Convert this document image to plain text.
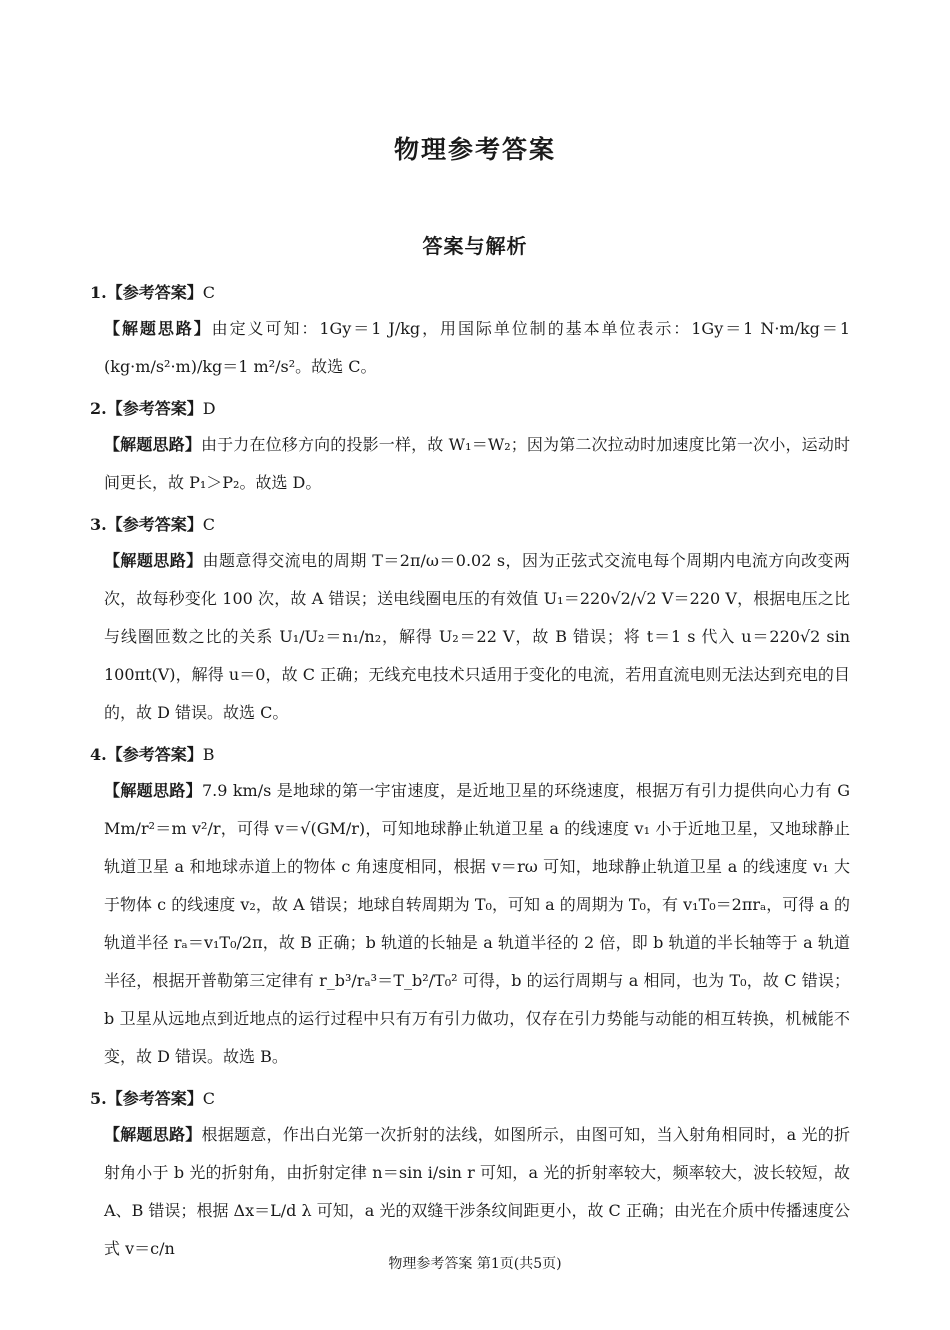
物理参考答案
答案与解析

1.【参考答案】C

【解题思路】由定义可知：1Gy＝1 J/kg，用国际单位制的基本单位表示：1Gy＝1 N·m/kg＝1 (kg·m/s²·m)/kg＝1 m²/s²。故选 C。

2.【参考答案】D

【解题思路】由于力在位移方向的投影一样，故 W₁＝W₂；因为第二次拉动时加速度比第一次小，运动时间更长，故 P₁＞P₂。故选 D。

3.【参考答案】C

【解题思路】由题意得交流电的周期 T＝2π/ω＝0.02 s，因为正弦式交流电每个周期内电流方向改变两次，故每秒变化 100 次，故 A 错误；送电线圈电压的有效值 U₁＝220√2/√2 V＝220 V，根据电压之比与线圈匝数之比的关系 U₁/U₂＝n₁/n₂，解得 U₂＝22 V，故 B 错误；将 t＝1 s 代入 u＝220√2 sin 100πt(V)，解得 u＝0，故 C 正确；无线充电技术只适用于变化的电流，若用直流电则无法达到充电的目的，故 D 错误。故选 C。

4.【参考答案】B

【解题思路】7.9 km/s 是地球的第一宇宙速度，是近地卫星的环绕速度，根据万有引力提供向心力有 G Mm/r²＝m v²/r，可得 v＝√(GM/r)，可知地球静止轨道卫星 a 的线速度 v₁ 小于近地卫星，又地球静止轨道卫星 a 和地球赤道上的物体 c 角速度相同，根据 v＝rω 可知，地球静止轨道卫星 a 的线速度 v₁ 大于物体 c 的线速度 v₂，故 A 错误；地球自转周期为 T₀，可知 a 的周期为 T₀，有 v₁T₀＝2πrₐ，可得 a 的轨道半径 rₐ＝v₁T₀/2π，故 B 正确；b 轨道的长轴是 a 轨道半径的 2 倍，即 b 轨道的半长轴等于 a 轨道半径，根据开普勒第三定律有 r_b³/rₐ³＝T_b²/T₀² 可得，b 的运行周期与 a 相同，也为 T₀，故 C 错误；b 卫星从远地点到近地点的运行过程中只有万有引力做功，仅存在引力势能与动能的相互转换，机械能不变，故 D 错误。故选 B。

5.【参考答案】C

【解题思路】根据题意，作出白光第一次折射的法线，如图所示，由图可知，当入射角相同时，a 光的折射角小于 b 光的折射角，由折射定律 n＝sin i/sin r 可知，a 光的折射率较大，频率较大，波长较短，故 A、B 错误；根据 Δx＝L/d λ 可知，a 光的双缝干涉条纹间距更小，故 C 正确；由光在介质中传播速度公式 v＝c/n

物理参考答案 第1页(共5页)
